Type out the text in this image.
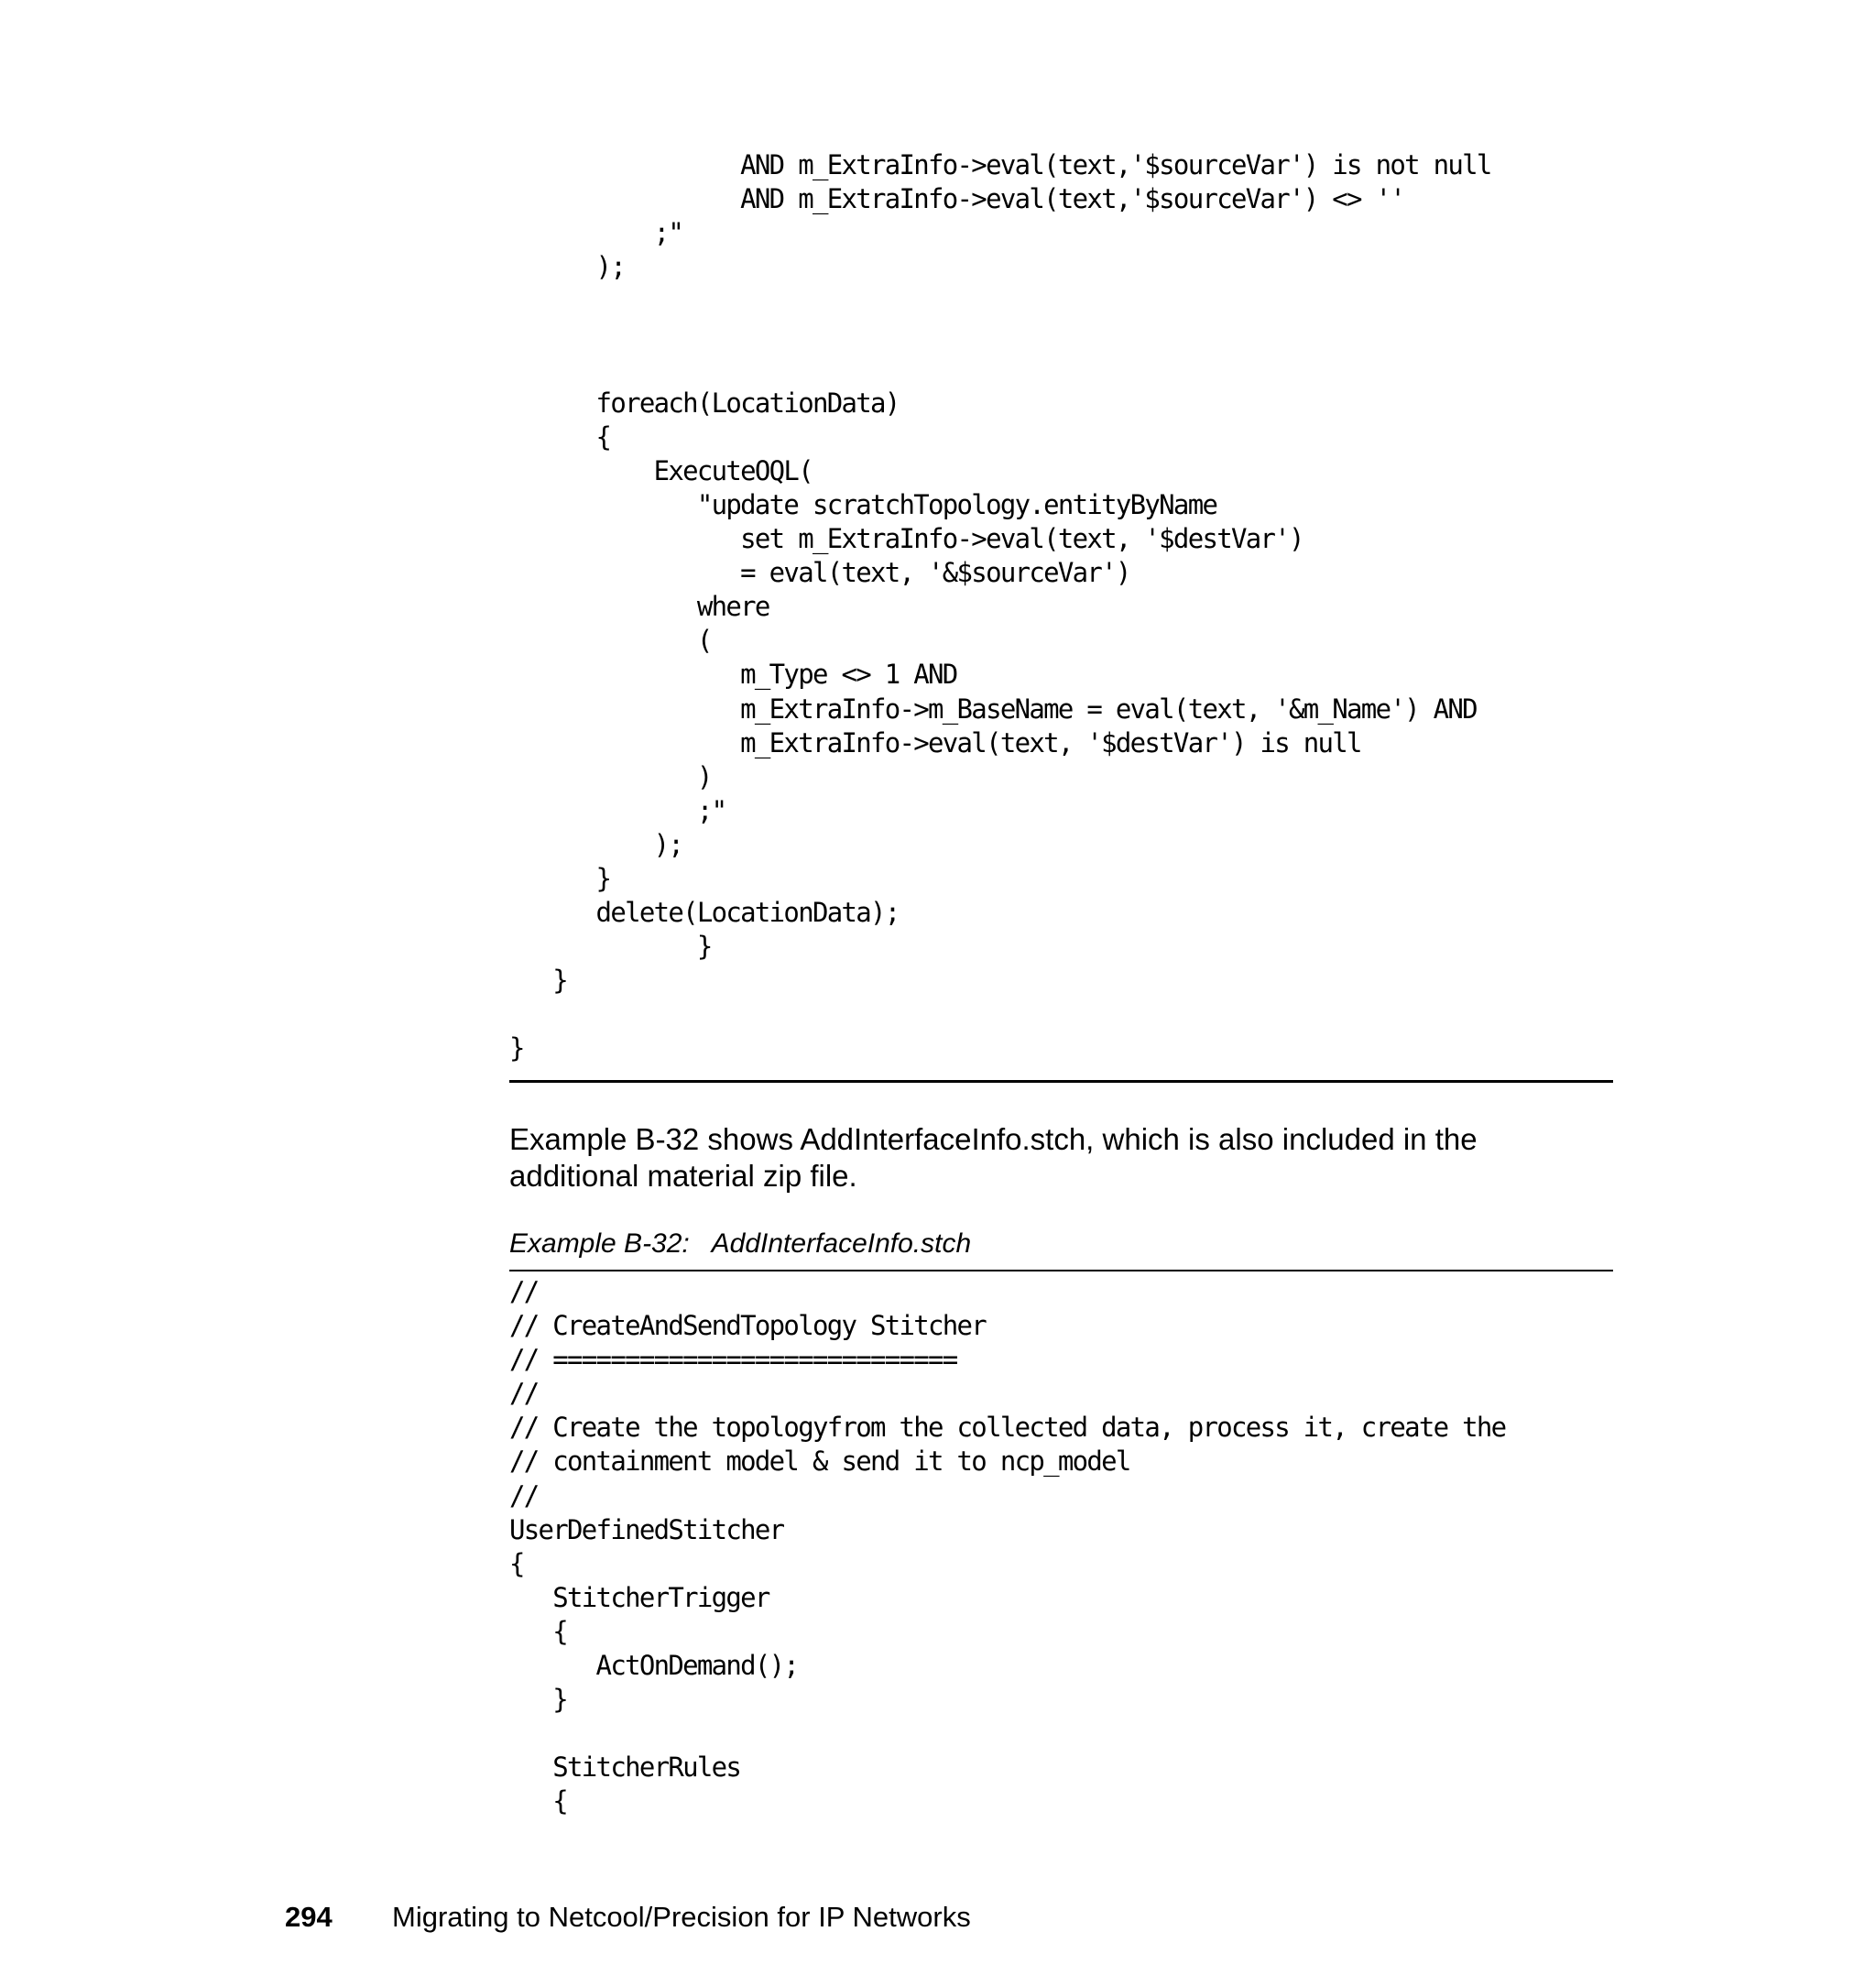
AND m_ExtraInfo->eval(text,'$sourceVar') is not null
AND m_ExtraInfo->eval(text,'$sourceVar') <> ''
;"
);

foreach(LocationData)
{
ExecuteOQL(
"update scratchTopology.entityByName
set m_ExtraInfo->eval(text, '$destVar')
= eval(text, '&$sourceVar')
where
(
m_Type <> 1 AND
m_ExtraInfo->m_BaseName = eval(text, '&m_Name') AND
m_ExtraInfo->eval(text, '$destVar') is null
)
;"
);
}
delete(LocationData);
}
}

}

Example B-32 shows AddInterfaceInfo.stch, which is also included in the additional material zip file.

Example B-32:   AddInterfaceInfo.stch

//
// CreateAndSendTopology Stitcher
// ============================
//
// Create the topologyfrom the collected data, process it, create the
// containment model & send it to ncp_model
//
UserDefinedStitcher
{
StitcherTrigger
{
ActOnDemand();
}

StitcherRules
{
294 Migrating to Netcool/Precision for IP Networks
